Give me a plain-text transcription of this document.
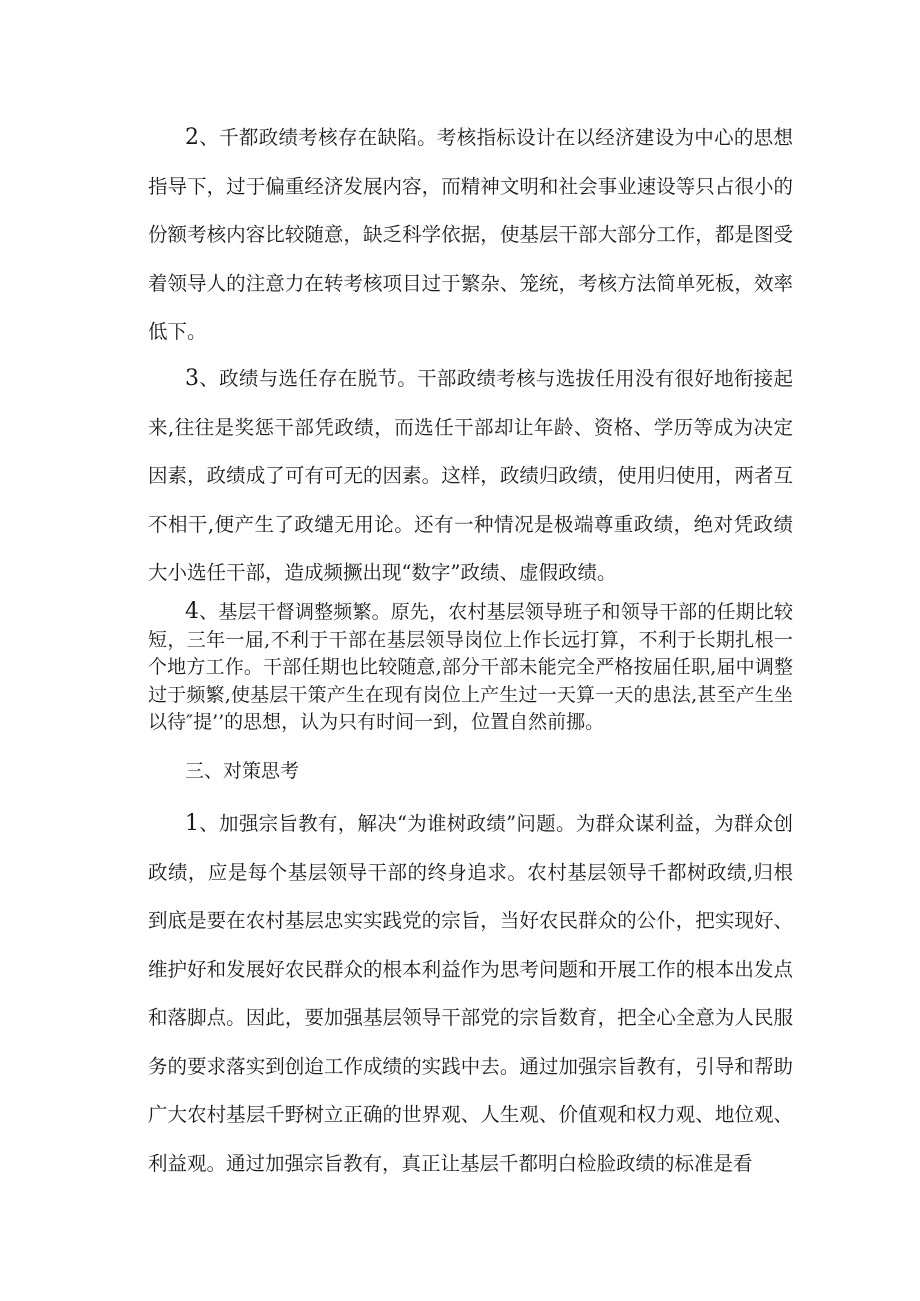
2、千都政绩考核存在缺陷。考核指标设计在以经济建设为中心的思想指导下，过于偏重经济发展内容，而精神文明和社会事业速设等只占很小的份额考核内容比较随意，缺乏科学依据，使基层干部大部分工作，都是图受着领导人的注意力在转考核项目过于繁杂、笼统，考核方法简单死板，效率低下。

3、政绩与选任存在脱节。干部政绩考核与选拔任用没有很好地衔接起来,往往是奖惩干部凭政绩，而选任干部却让年龄、资格、学历等成为决定因素，政绩成了可有可无的因素。这样，政绩归政绩，使用归使用，两者互不相干,便产生了政缱无用论。还有一种情况是极端尊重政绩，绝对凭政绩大小选任干部，造成频撅出现“数字”政绩、虚假政绩。

4、基层干督调整频繁。原先，农村基层领导班子和领导干部的任期比较短，三年一届,不利于干部在基层领导岗位上作长远打算，不利于长期扎根一个地方工作。干部任期也比较随意,部分干部未能完全严格按届任职,届中调整过于频繁,使基层干策产生在现有岗位上产生过一天算一天的患法,甚至产生坐以待″提’’的思想，认为只有时间一到，位置自然前挪。

三、对策思考

1、加强宗旨教有，解决“为谁树政绩”问题。为群众谋利益，为群众创政绩，应是每个基层领导干部的终身追求。农村基层领导千都树政绩,归根到底是要在农村基层忠实实践党的宗旨，当好农民群众的公仆，把实现好、维护好和发展好农民群众的根本利益作为思考问题和开展工作的根本出发点和落脚点。因此，要加强基层领导干部党的宗旨数育，把全心全意为人民服务的要求落实到创迨工作成绩的实践中去。通过加强宗旨教有，引导和帮助广大农村基层千野树立正确的世界观、人生观、价值观和权力观、地位观、利益观。通过加强宗旨教有，真正让基层千都明白检脸政绩的标准是看
